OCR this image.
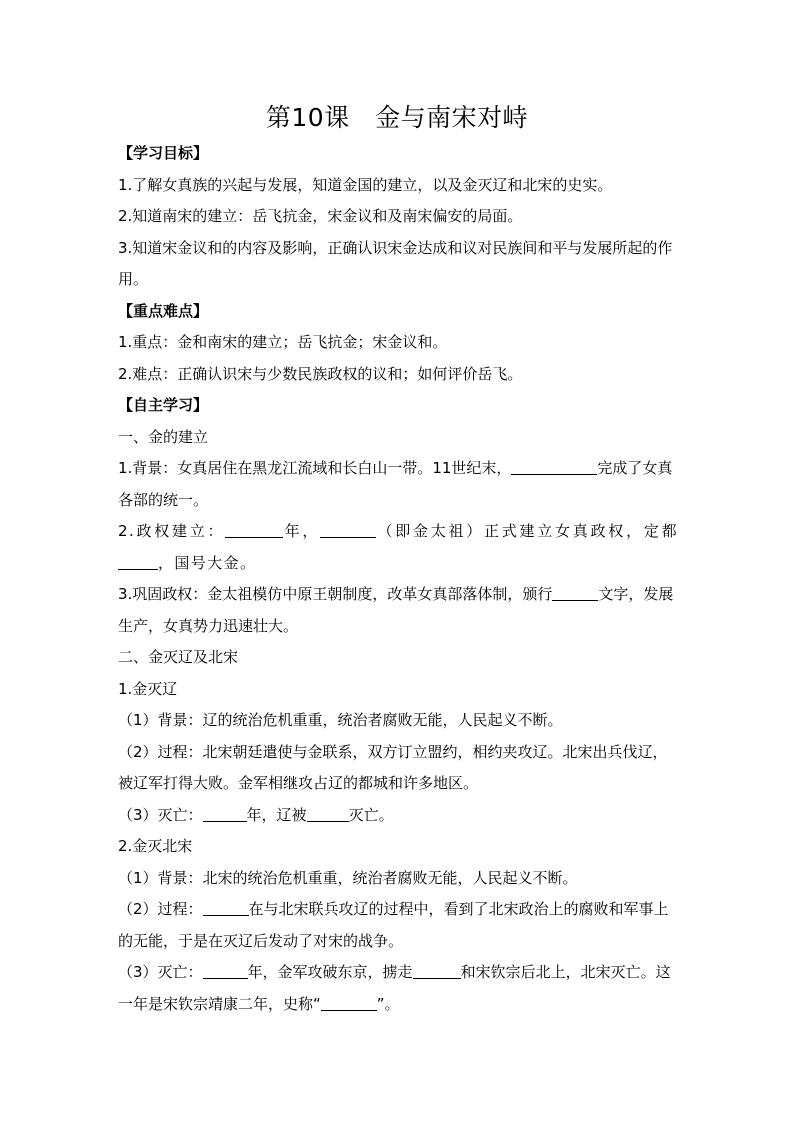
第10课　金与南宋对峙

【学习目标】

1.了解女真族的兴起与发展，知道金国的建立，以及金灭辽和北宋的史实。

2.知道南宋的建立：岳飞抗金，宋金议和及南宋偏安的局面。

3.知道宋金议和的内容及影响，正确认识宋金达成和议对民族间和平与发展所起的作用。

【重点难点】

1.重点：金和南宋的建立；岳飞抗金；宋金议和。

2.难点：正确认识宋与少数民族政权的议和；如何评价岳飞。

【自主学习】

一、金的建立

1.背景：女真居住在黑龙江流域和长白山一带。11世纪末，	完成了女真各部的统一。

2.政权建立：	年，	（即金太祖）正式建立女真政权，定都，国号大金。

3.巩固政权：金太祖模仿中原王朝制度，改革女真部落体制，颁行	文字，发展生产，女真势力迅速壮大。

二、金灭辽及北宋

1.金灭辽

（1）背景：辽的统治危机重重，统治者腐败无能，人民起义不断。

（2）过程：北宋朝廷遣使与金联系，双方订立盟约，相约夹攻辽。北宋出兵伐辽，被辽军打得大败。金军相继攻占辽的都城和许多地区。

（3）灭亡：	年，辽被	灭亡。

2.金灭北宋

（1）背景：北宋的统治危机重重，统治者腐败无能，人民起义不断。

（2）过程：	在与北宋联兵攻辽的过程中，看到了北宋政治上的腐败和军事上的无能，于是在灭辽后发动了对宋的战争。

（3）灭亡：	年，金军攻破东京，掳走	和宋钦宗后北上，北宋灭亡。这一年是宋钦宗靖康二年，史称“	”。
